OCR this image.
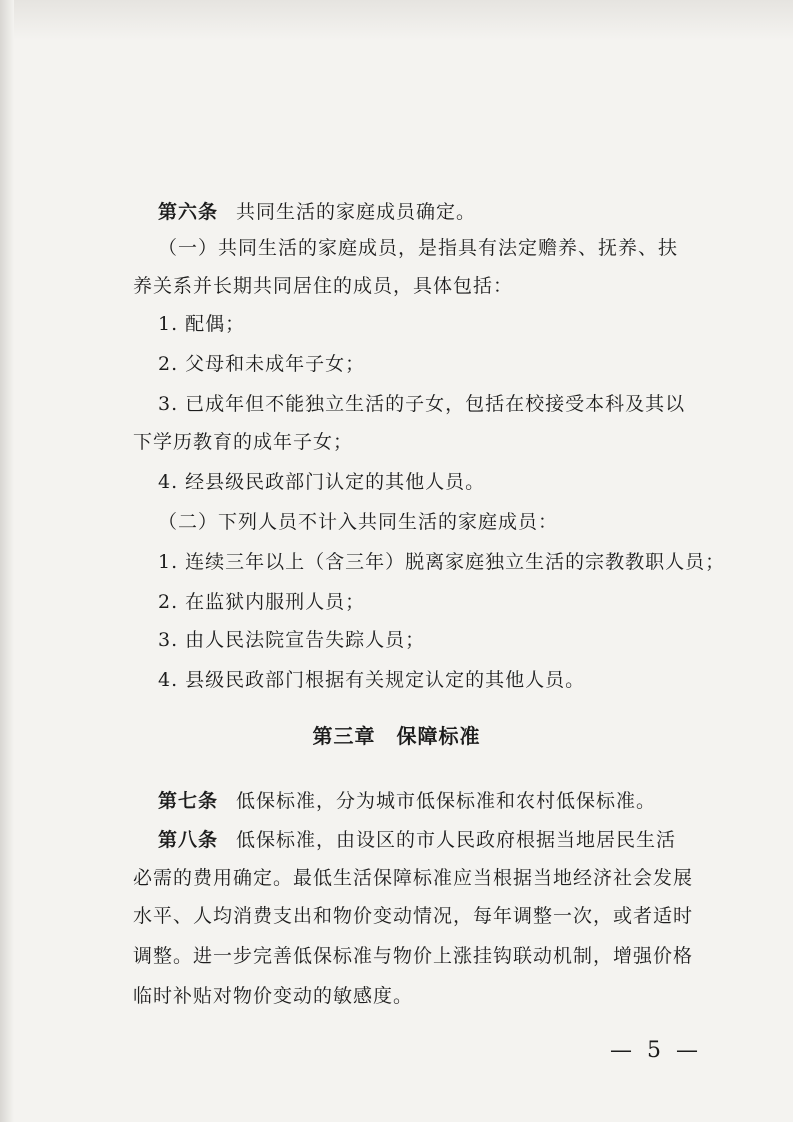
第六条 共同生活的家庭成员确定。
（一）共同生活的家庭成员，是指具有法定赡养、抚养、扶
养关系并长期共同居住的成员，具体包括：
1. 配偶；
2. 父母和未成年子女；
3. 已成年但不能独立生活的子女，包括在校接受本科及其以
下学历教育的成年子女；
4. 经县级民政部门认定的其他人员。
（二）下列人员不计入共同生活的家庭成员：
1. 连续三年以上（含三年）脱离家庭独立生活的宗教教职人员；
2. 在监狱内服刑人员；
3. 由人民法院宣告失踪人员；
4. 县级民政部门根据有关规定认定的其他人员。
第三章　保障标准
第七条 低保标准，分为城市低保标准和农村低保标准。
第八条 低保标准，由设区的市人民政府根据当地居民生活
必需的费用确定。最低生活保障标准应当根据当地经济社会发展
水平、人均消费支出和物价变动情况，每年调整一次，或者适时
调整。进一步完善低保标准与物价上涨挂钩联动机制，增强价格
临时补贴对物价变动的敏感度。
— 5 —
